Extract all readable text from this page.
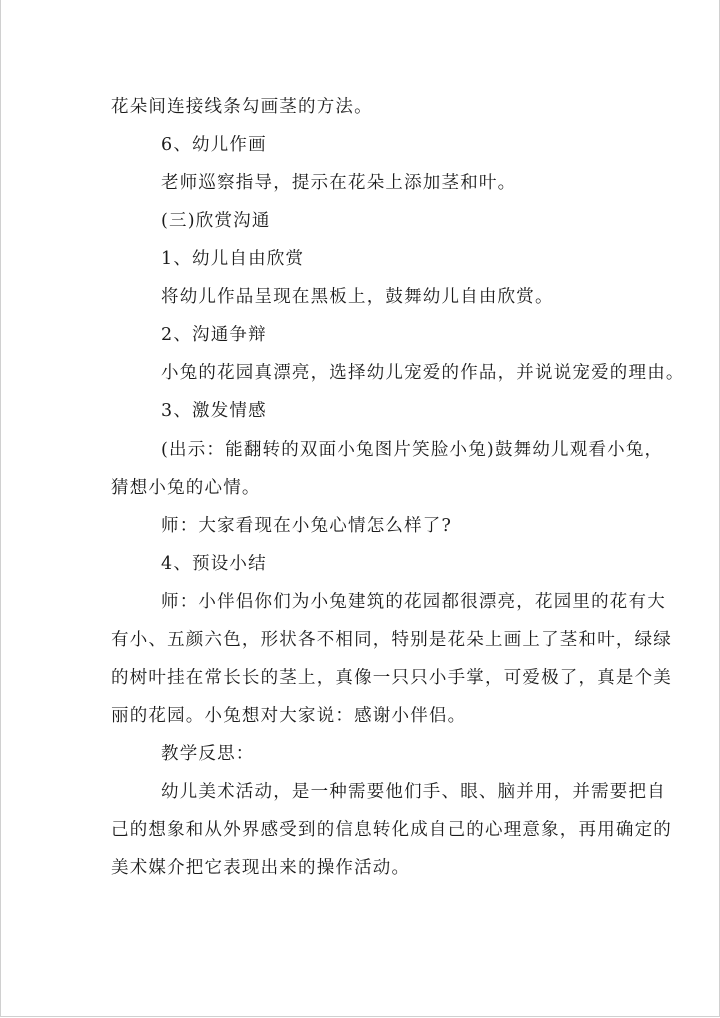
花朵间连接线条勾画茎的方法。
6、幼儿作画
老师巡察指导，提示在花朵上添加茎和叶。
(三)欣赏沟通
1、幼儿自由欣赏
将幼儿作品呈现在黑板上，鼓舞幼儿自由欣赏。
2、沟通争辩
小兔的花园真漂亮，选择幼儿宠爱的作品，并说说宠爱的理由。
3、激发情感
(出示：能翻转的双面小兔图片笑脸小兔)鼓舞幼儿观看小兔，
猜想小兔的心情。
师：大家看现在小兔心情怎么样了?
4、预设小结
师：小伴侣你们为小兔建筑的花园都很漂亮，花园里的花有大
有小、五颜六色，形状各不相同，特别是花朵上画上了茎和叶，绿绿
的树叶挂在常长长的茎上，真像一只只小手掌，可爱极了，真是个美
丽的花园。小兔想对大家说：感谢小伴侣。
教学反思：
幼儿美术活动，是一种需要他们手、眼、脑并用，并需要把自
己的想象和从外界感受到的信息转化成自己的心理意象，再用确定的
美术媒介把它表现出来的操作活动。
